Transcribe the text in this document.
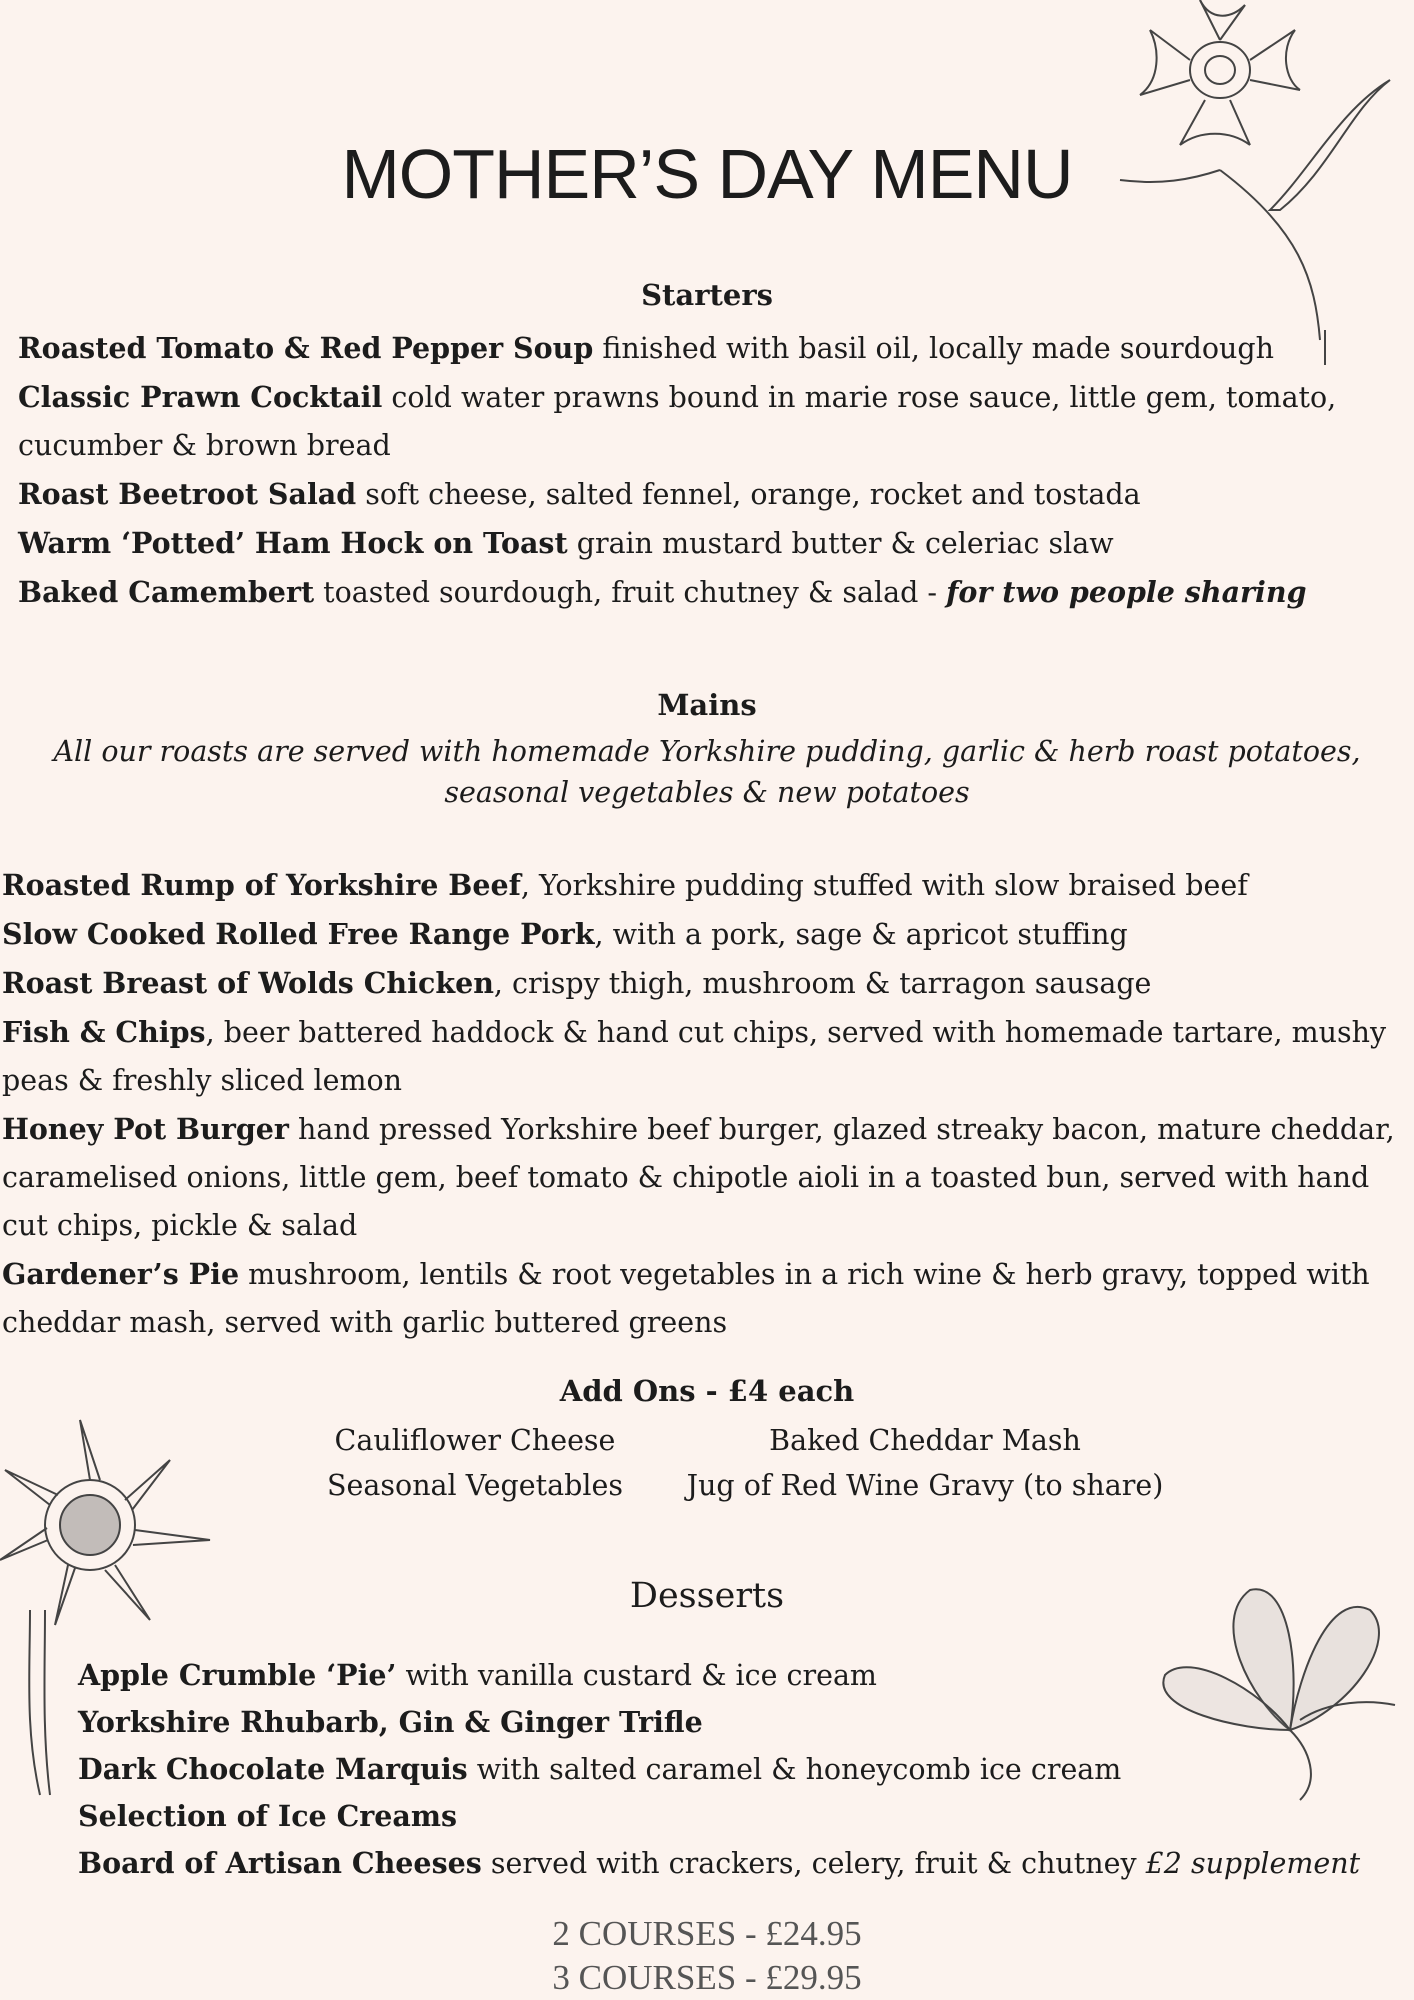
MOTHER’S DAY MENU
Starters
Roasted Tomato & Red Pepper Soup finished with basil oil, locally made sourdough
Classic Prawn Cocktail cold water prawns bound in marie rose sauce, little gem, tomato, cucumber & brown bread
Roast Beetroot Salad soft cheese, salted fennel, orange, rocket and tostada
Warm ‘Potted’ Ham Hock on Toast grain mustard butter & celeriac slaw
Baked Camembert toasted sourdough, fruit chutney & salad - for two people sharing
Mains

All our roasts are served with homemade Yorkshire pudding, garlic & herb roast potatoes,

seasonal vegetables & new potatoes

Roasted Rump of Yorkshire Beef, Yorkshire pudding stuffed with slow braised beef
Slow Cooked Rolled Free Range Pork, with a pork, sage & apricot stuffing
Roast Breast of Wolds Chicken, crispy thigh, mushroom & tarragon sausage
Fish & Chips, beer battered haddock & hand cut chips, served with homemade tartare, mushy peas & freshly sliced lemon
Honey Pot Burger hand pressed Yorkshire beef burger, glazed streaky bacon, mature cheddar, caramelised onions, little gem, beef tomato & chipotle aioli in a toasted bun, served with hand cut chips, pickle & salad
Gardener’s Pie mushroom, lentils & root vegetables in a rich wine & herb gravy, topped with cheddar mash, served with garlic buttered greens
Add Ons - £4 each
Cauliflower Cheese	Baked Cheddar Mash
Seasonal Vegetables	Jug of Red Wine Gravy (to share)
Desserts
Apple Crumble ‘Pie’ with vanilla custard & ice cream
Yorkshire Rhubarb, Gin & Ginger Trifle
Dark Chocolate Marquis with salted caramel & honeycomb ice cream
Selection of Ice Creams
Board of Artisan Cheeses served with crackers, celery, fruit & chutney £2 supplement
2 COURSES - £24.95
3 COURSES - £29.95
